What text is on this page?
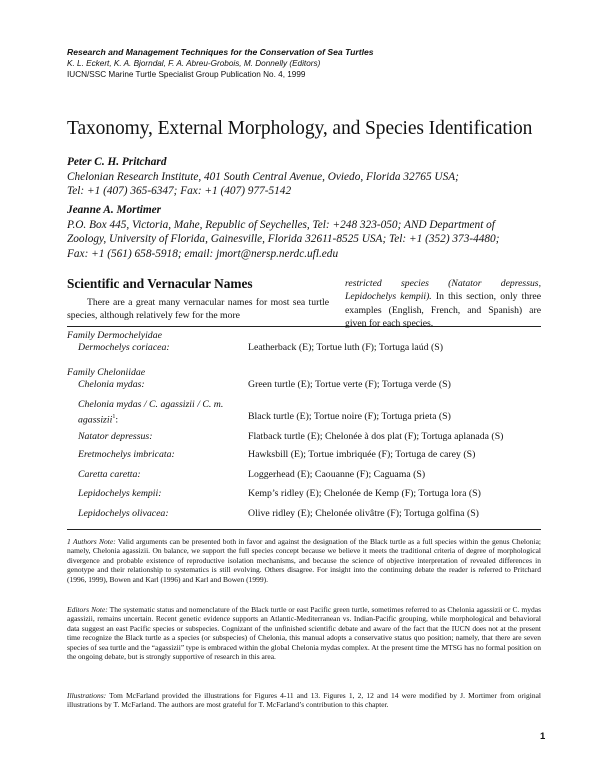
Research and Management Techniques for the Conservation of Sea Turtles
K. L. Eckert, K. A. Bjorndal, F. A. Abreu-Grobois, M. Donnelly (Editors)
IUCN/SSC Marine Turtle Specialist Group Publication No. 4, 1999
Taxonomy, External Morphology, and Species Identification
Peter C. H. Pritchard
Chelonian Research Institute, 401 South Central Avenue, Oviedo, Florida 32765 USA;
Tel: +1 (407) 365-6347; Fax: +1 (407) 977-5142
Jeanne A. Mortimer
P.O. Box 445, Victoria, Mahe, Republic of Seychelles, Tel: +248 323-050; AND Department of
Zoology, University of Florida, Gainesville, Florida 32611-8525 USA; Tel: +1 (352) 373-4480;
Fax: +1 (561) 658-5918; email: jmort@nersp.nerdc.ufl.edu
Scientific and Vernacular Names
There are a great many vernacular names for most sea turtle species, although relatively few for the more
restricted species (Natator depressus, Lepidochelys kempii). In this section, only three examples (English, French, and Spanish) are given for each species.
Family Dermochelyidae
Dermochelys coriacea:	Leatherback (E); Tortue luth (F); Tortuga laúd (S)
Family Cheloniidae
Chelonia mydas:	Green turtle (E); Tortue verte (F); Tortuga verde (S)
Chelonia mydas / C. agassizii / C. m. agassizii$^1$:	Black turtle (E); Tortue noire (F); Tortuga prieta (S)
Natator depressus:	Flatback turtle (E); Chelonée à dos plat (F); Tortuga aplanada (S)
Eretmochelys imbricata:	Hawksbill (E); Tortue imbriquée (F); Tortuga de carey (S)
Caretta caretta:	Loggerhead (E); Caouanne (F); Caguama (S)
Lepidochelys kempii:	Kemp’s ridley (E); Chelonée de Kemp (F); Tortuga lora (S)
Lepidochelys olivacea:	Olive ridley (E); Chelonée olivâtre (F); Tortuga golfina (S)
1 Authors Note: Valid arguments can be presented both in favor and against the designation of the Black turtle as a full species within the genus Chelonia; namely, Chelonia agassizii. On balance, we support the full species concept because we believe it meets the traditional criteria of degree of morphological divergence and probable existence of reproductive isolation mechanisms, and because the science of objective interpretation of revealed differences in genotype and their relationship to systematics is still evolving. Others disagree. For insight into the continuing debate the reader is referred to Pritchard (1996, 1999), Bowen and Karl (1996) and Karl and Bowen (1999).
Editors Note: The systematic status and nomenclature of the Black turtle or east Pacific green turtle, sometimes referred to as Chelonia agassizii or C. mydas agassizii, remains uncertain. Recent genetic evidence supports an Atlantic-Mediterranean vs. Indian-Pacific grouping, while morphological and behavioral data suggest an east Pacific species or subspecies. Cognizant of the unfinished scientific debate and aware of the fact that the IUCN does not at the present time recognize the Black turtle as a species (or subspecies) of Chelonia, this manual adopts a conservative status quo position; namely, that there are seven species of sea turtle and the “agassizii” type is embraced within the global Chelonia mydas complex. At the present time the MTSG has no formal position on the ongoing debate, but is strongly supportive of research in this area.
Illustrations: Tom McFarland provided the illustrations for Figures 4-11 and 13. Figures 1, 2, 12 and 14 were modified by J. Mortimer from original illustrations by T. McFarland. The authors are most grateful for T. McFarland’s contribution to this chapter.
1
